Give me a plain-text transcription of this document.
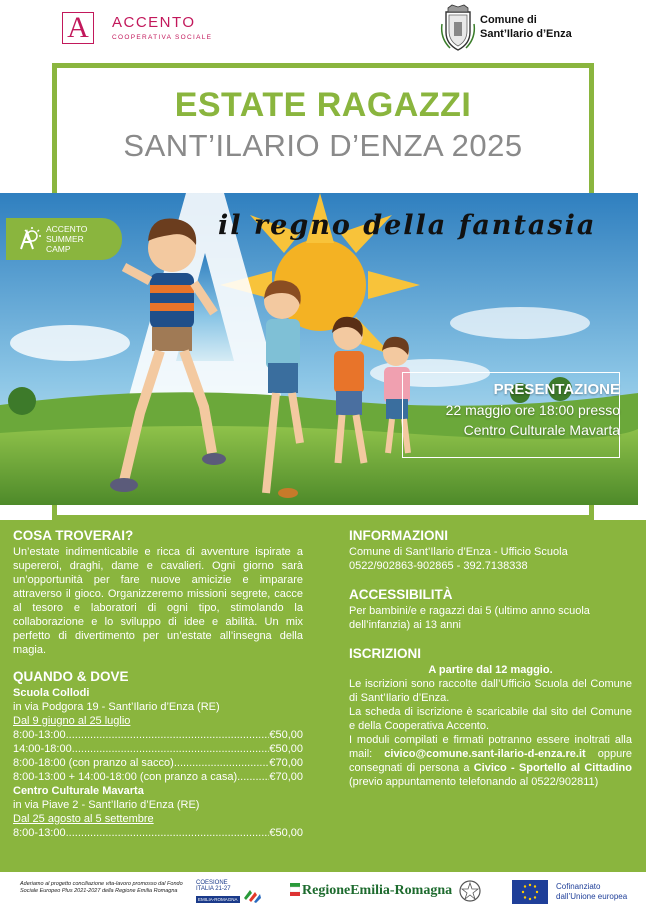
A	ACCENTO
COOPERATIVA SOCIALE
Comune di
Sant’Ilario d’Enza
ESTATE RAGAZZI
SANT’ILARIO D’ENZA 2025
ACCENTO
SUMMER
CAMP
il regno della fantasia
PRESENTAZIONE
22 maggio ore 18:00 presso
Centro Culturale Mavarta
COSA TROVERAI?

Un’estate indimenticabile e ricca di avventure ispirate a supereroi, draghi, dame e cavalieri. Ogni giorno sarà un’opportunità per fare nuove amicizie e imparare attraverso il gioco. Organizzeremo missioni segrete, cacce al tesoro e laboratori di ogni tipo, stimolando la collaborazione e lo sviluppo di idee e abilità. Un mix perfetto di divertimento per un’estate all’insegna della magia.

QUANDO & DOVE
Scuola Collodi
in via Podgora 19 - Sant’Ilario d’Enza (RE)
Dal 9 giugno al 25 luglio
8:00-13:00 .....	€50,00
14:00-18:00 .....	€50,00
8:00-18:00 (con pranzo al sacco) .....	€70,00
8:00-13:00 + 14:00-18:00 (con pranzo a casa) .....	€70,00
Centro Culturale Mavarta
in via Piave 2 - Sant’Ilario d’Enza (RE)
Dal 25 agosto al 5 settembre
8:00-13:00 .....	€50,00
INFORMAZIONI
Comune di Sant’Ilario d’Enza - Ufficio Scuola
0522/902863-902865 - 392.7138338
ACCESSIBILITÀ

Per bambini/e e ragazzi dai 5 (ultimo anno scuola dell’infanzia) ai 13 anni

ISCRIZIONI
A partire dal 12 maggio.

Le iscrizioni sono raccolte dall’Ufficio Scuola del Comune di Sant’Ilario d’Enza.

La scheda di iscrizione è scaricabile dal sito del Comune e della Cooperativa Accento.

I moduli compilati e firmati potranno essere inoltrati alla mail: civico@comune.sant-ilario-d-enza.re.it oppure consegnati di persona a Civico - Sportello al Cittadino (previo appuntamento telefonando al 0522/902811)

Aderiamo al progetto conciliazione vita-lavoro promosso dal Fondo Sociale Europeo Plus 2021-2027 della Regione Emilia Romagna
COESIONE
ITALIA 21-27
EMILIA-ROMAGNA
RegioneEmilia-Romagna	Cofinanziato
dall’Unione europea
